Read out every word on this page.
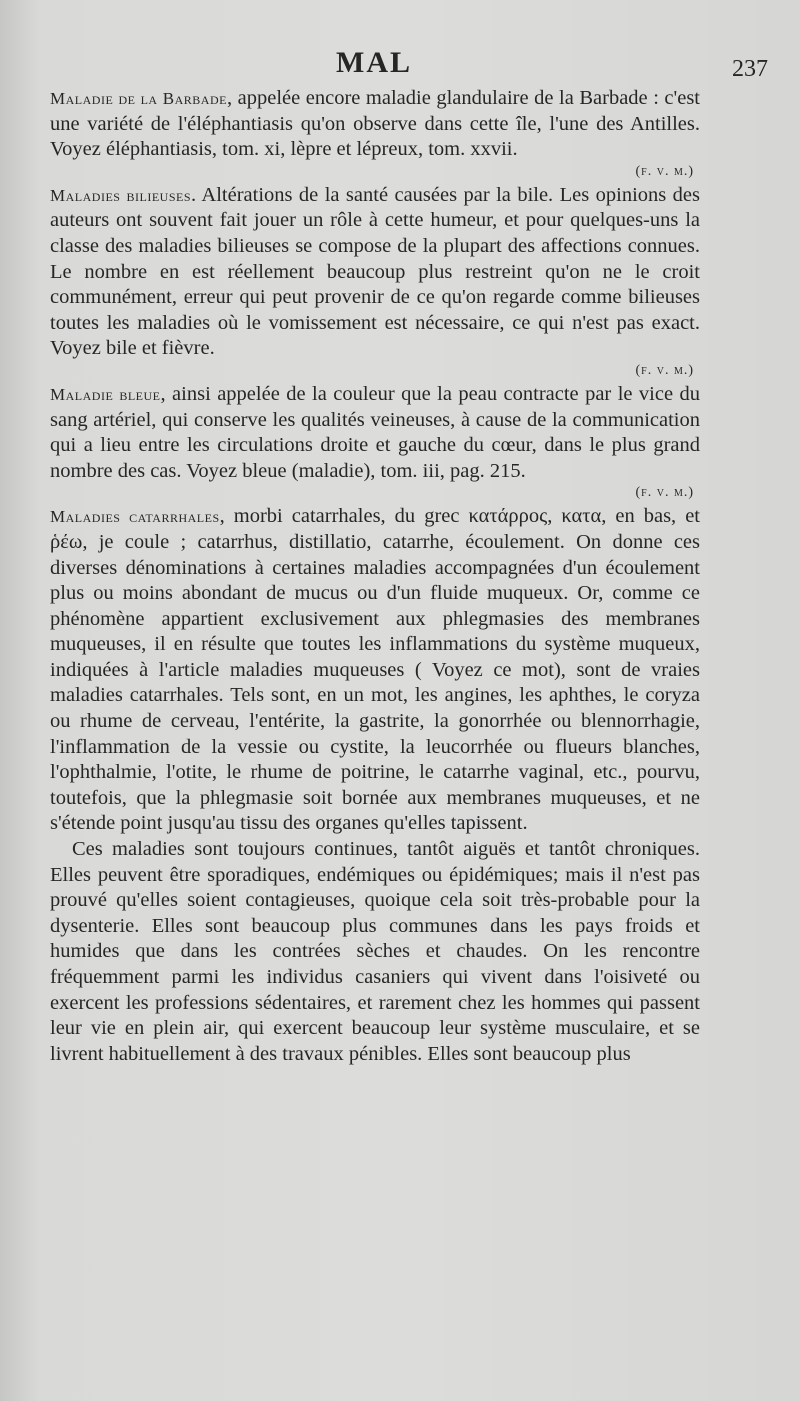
MAL	237

Maladie de la Barbade, appelée encore maladie glandulaire de la Barbade : c'est une variété de l'éléphantiasis qu'on observe dans cette île, l'une des Antilles. Voyez éléphantiasis, tom. xi, lèpre et lépreux, tom. xxvii.
(f. v. m.)

Maladies bilieuses. Altérations de la santé causées par la bile. Les opinions des auteurs ont souvent fait jouer un rôle à cette humeur, et pour quelques-uns la classe des maladies bilieuses se compose de la plupart des affections connues. Le nombre en est réellement beaucoup plus restreint qu'on ne le croit communément, erreur qui peut provenir de ce qu'on regarde comme bilieuses toutes les maladies où le vomissement est nécessaire, ce qui n'est pas exact. Voyez bile et fièvre.
(f. v. m.)

Maladie bleue, ainsi appelée de la couleur que la peau contracte par le vice du sang artériel, qui conserve les qualités veineuses, à cause de la communication qui a lieu entre les circulations droite et gauche du cœur, dans le plus grand nombre des cas. Voyez bleue (maladie), tom. iii, pag. 215.
(f. v. m.)

Maladies catarrhales, morbi catarrhales, du grec κατάρρος, κατα, en bas, et ῥέω, je coule ; catarrhus, distillatio, catarrhe, écoulement. On donne ces diverses dénominations à certaines maladies accompagnées d'un écoulement plus ou moins abondant de mucus ou d'un fluide muqueux. Or, comme ce phénomène appartient exclusivement aux phlegmasies des membranes muqueuses, il en résulte que toutes les inflammations du système muqueux, indiquées à l'article maladies muqueuses ( Voyez ce mot), sont de vraies maladies catarrhales. Tels sont, en un mot, les angines, les aphthes, le coryza ou rhume de cerveau, l'entérite, la gastrite, la gonorrhée ou blennorrhagie, l'inflammation de la vessie ou cystite, la leucorrhée ou flueurs blanches, l'ophthalmie, l'otite, le rhume de poitrine, le catarrhe vaginal, etc., pourvu, toutefois, que la phlegmasie soit bornée aux membranes muqueuses, et ne s'étende point jusqu'au tissu des organes qu'elles tapissent.

Ces maladies sont toujours continues, tantôt aiguës et tantôt chroniques. Elles peuvent être sporadiques, endémiques ou épidémiques; mais il n'est pas prouvé qu'elles soient contagieuses, quoique cela soit très-probable pour la dysenterie. Elles sont beaucoup plus communes dans les pays froids et humides que dans les contrées sèches et chaudes. On les rencontre fréquemment parmi les individus casaniers qui vivent dans l'oisiveté ou exercent les professions sédentaires, et rarement chez les hommes qui passent leur vie en plein air, qui exercent beaucoup leur système musculaire, et se livrent habituellement à des travaux pénibles. Elles sont beaucoup plus
